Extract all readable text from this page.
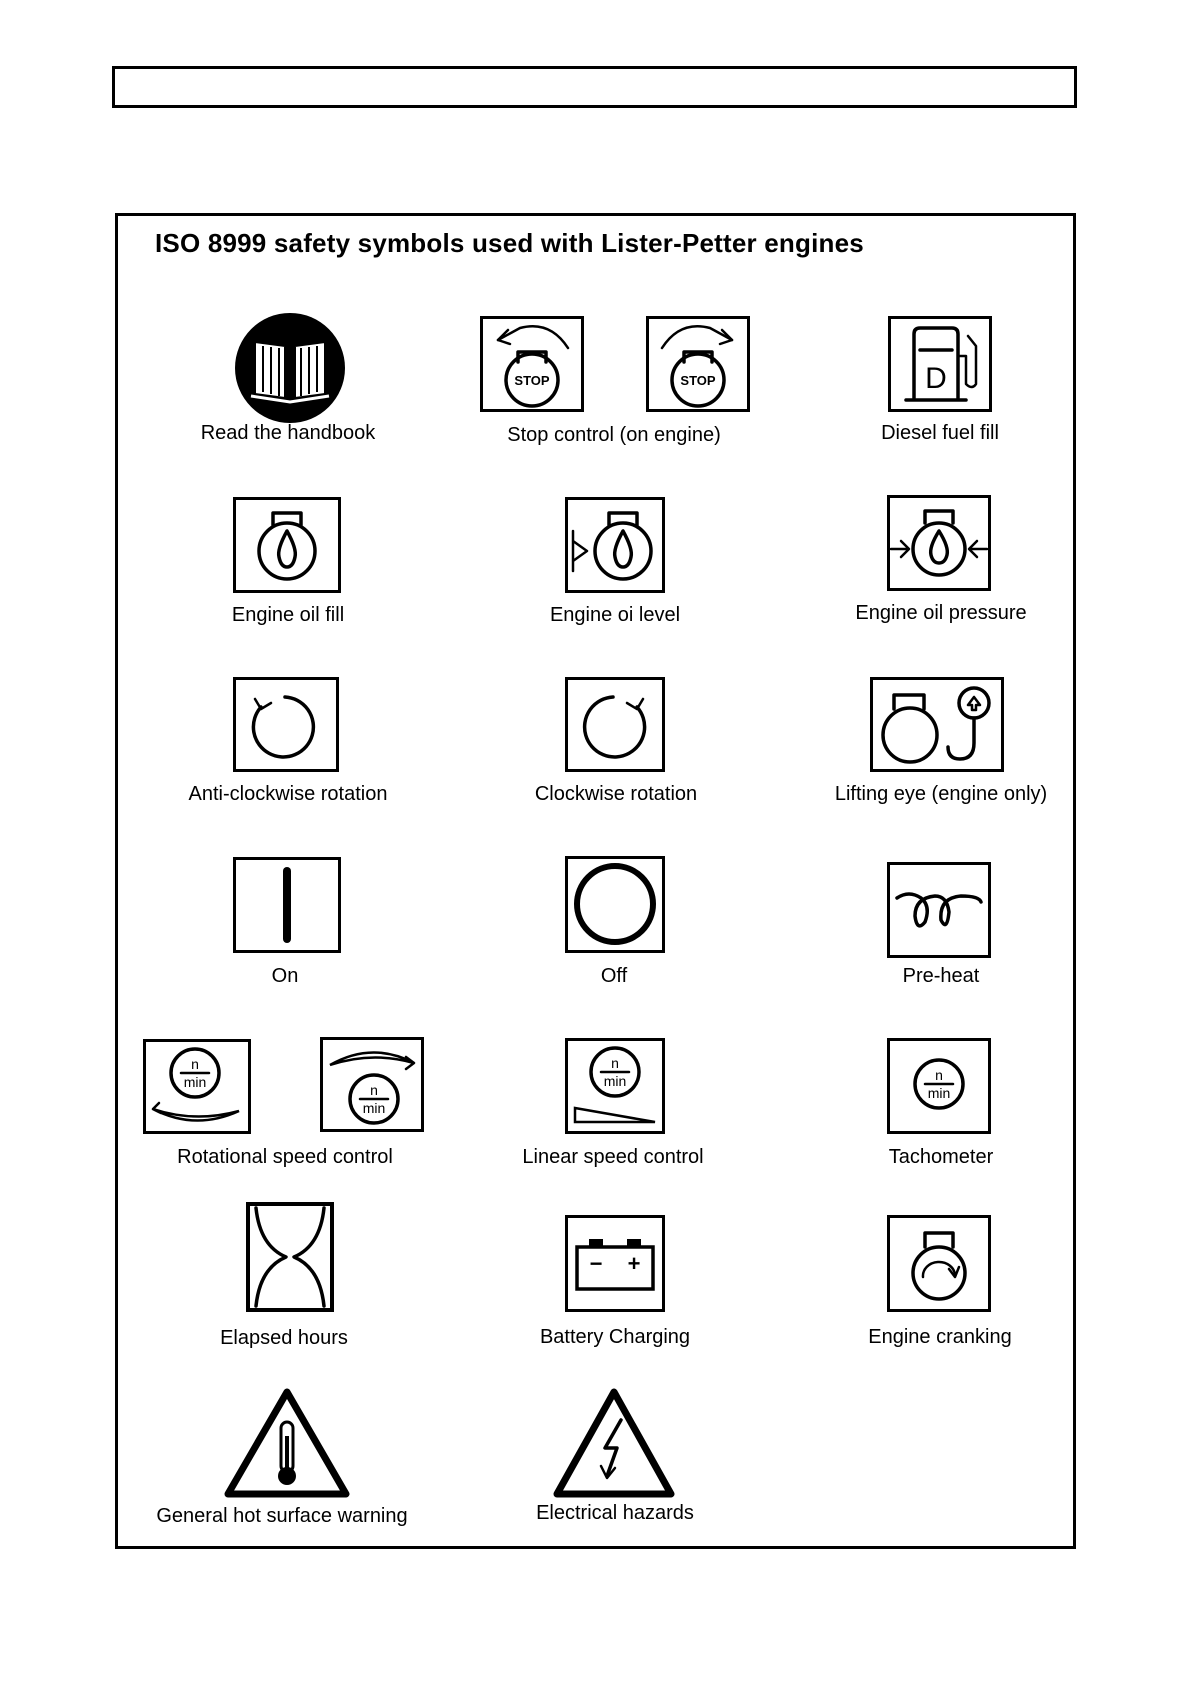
ISO 8999 safety symbols used with Lister-Petter engines
Read the handbook
STOP	STOP
Stop control (on engine)
D
Diesel fuel fill
Engine oil fill	Engine oi level	Engine oil pressure
Anti-clockwise rotation	Clockwise rotation	Lifting eye (engine only)
On	Off	Pre-heat
n
min	n
min
Rotational speed control
n
min
Linear speed control
n
min
Tachometer
Elapsed hours
− +
Battery Charging	Engine cranking
General hot surface warning	Electrical hazards
